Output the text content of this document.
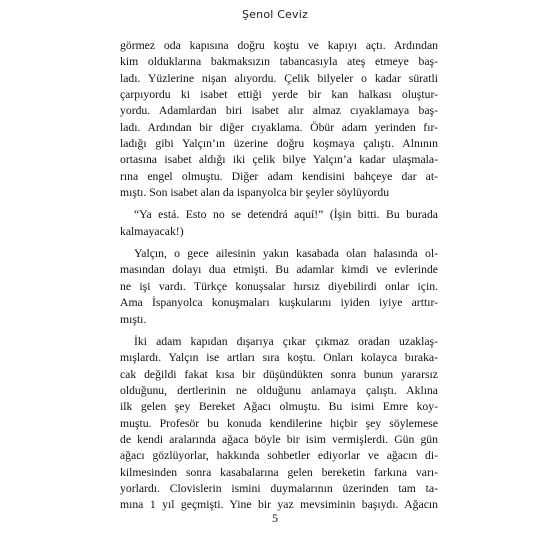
Şenol Ceviz
görmez oda kapısına doğru koştu ve kapıyı açtı. Ardından
kim olduklarına bakmaksızın tabancasıyla ateş etmeye baş-
ladı. Yüzlerine nişan alıyordu. Çelik bilyeler o kadar süratli
çarpıyordu ki isabet ettiği yerde bir kan halkası oluştur-
yordu. Adamlardan biri isabet alır almaz cıyaklamaya baş-
ladı. Ardından bir diğer cıyaklama. Öbür adam yerinden fır-
ladığı gibi Yalçın’ın üzerine doğru koşmaya çalıştı. Alnının
ortasına isabet aldığı iki çelik bilye Yalçın’a kadar ulaşmala-
rına engel olmuştu. Diğer adam kendisini bahçeye dar at-
mıştı. Son isabet alan da ispanyolca bir şeyler söylüyordu
“Ya está. Esto no se detendrá aquí!” (İşin bitti. Bu burada
kalmayacak!)
Yalçın, o gece ailesinin yakın kasabada olan halasında ol-
masından dolayı dua etmişti. Bu adamlar kimdi ve evlerinde
ne işi vardı. Türkçe konuşsalar hırsız diyebilirdi onlar için.
Ama İspanyolca konuşmaları kuşkularını iyiden iyiye arttır-
mıştı.
İki adam kapıdan dışarıya çıkar çıkmaz oradan uzaklaş-
mışlardı. Yalçın ise artları sıra koştu. Onları kolayca bıraka-
cak değildi fakat kısa bir düşündükten sonra bunun yararsız
olduğunu, dertlerinin ne olduğunu anlamaya çalıştı. Aklına
ilk gelen şey Bereket Ağacı olmuştu. Bu isimi Emre koy-
muştu. Profesör bu konuda kendilerine hiçbir şey söylemese
de kendi aralarında ağaca böyle bir isim vermişlerdi. Gün gün
ağacı gözlüyorlar, hakkında sohbetler ediyorlar ve ağacın di-
kilmesinden sonra kasabalarına gelen bereketin farkına varı-
yorlardı. Clovislerin ismini duymalarının üzerinden tam ta-
mına 1 yıl geçmişti. Yine bir yaz mevsiminin başıydı. Ağacın
5
